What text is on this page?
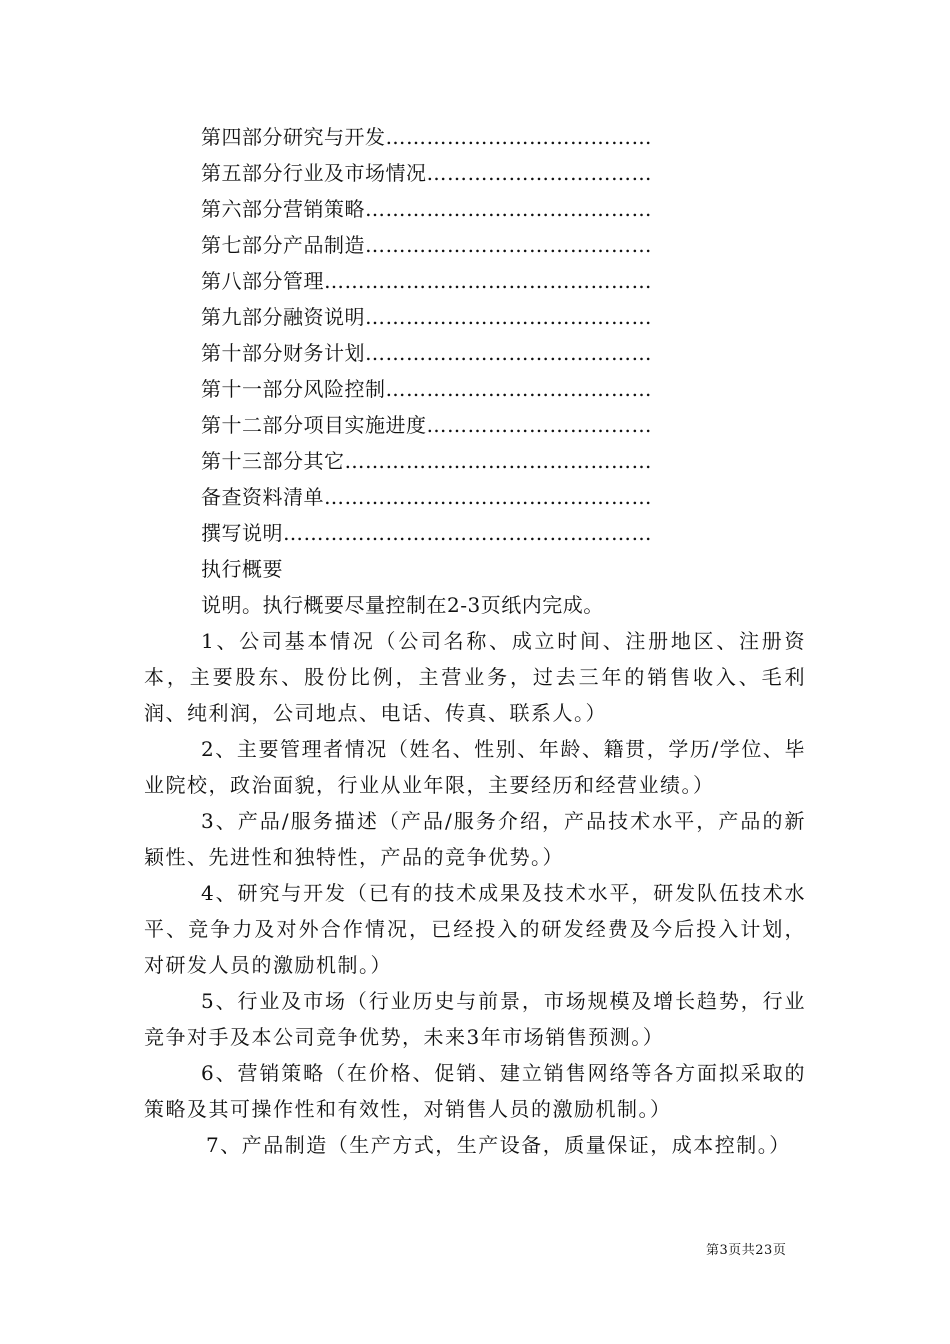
第四部分研究与开发…………………………………
第五部分行业及市场情况……………………………
第六部分营销策略……………………………………
第七部分产品制造……………………………………
第八部分管理…………………………………………
第九部分融资说明……………………………………
第十部分财务计划……………………………………
第十一部分风险控制…………………………………
第十二部分项目实施进度……………………………
第十三部分其它………………………………………
备查资料清单…………………………………………
撰写说明………………………………………………
执行概要
说明。执行概要尽量控制在2-3页纸内完成。

1、公司基本情况（公司名称、成立时间、注册地区、注册资本，主要股东、股份比例，主营业务，过去三年的销售收入、毛利润、纯利润，公司地点、电话、传真、联系人。）

2、主要管理者情况（姓名、性别、年龄、籍贯，学历/学位、毕业院校，政治面貌，行业从业年限，主要经历和经营业绩。）

3、产品/服务描述（产品/服务介绍，产品技术水平，产品的新颖性、先进性和独特性，产品的竞争优势。）

4、研究与开发（已有的技术成果及技术水平，研发队伍技术水平、竞争力及对外合作情况，已经投入的研发经费及今后投入计划，对研发人员的激励机制。）

5、行业及市场（行业历史与前景，市场规模及增长趋势，行业竞争对手及本公司竞争优势，未来3年市场销售预测。）

6、营销策略（在价格、促销、建立销售网络等各方面拟采取的策略及其可操作性和有效性，对销售人员的激励机制。）

7、产品制造（生产方式，生产设备，质量保证，成本控制。）

第3页共23页
